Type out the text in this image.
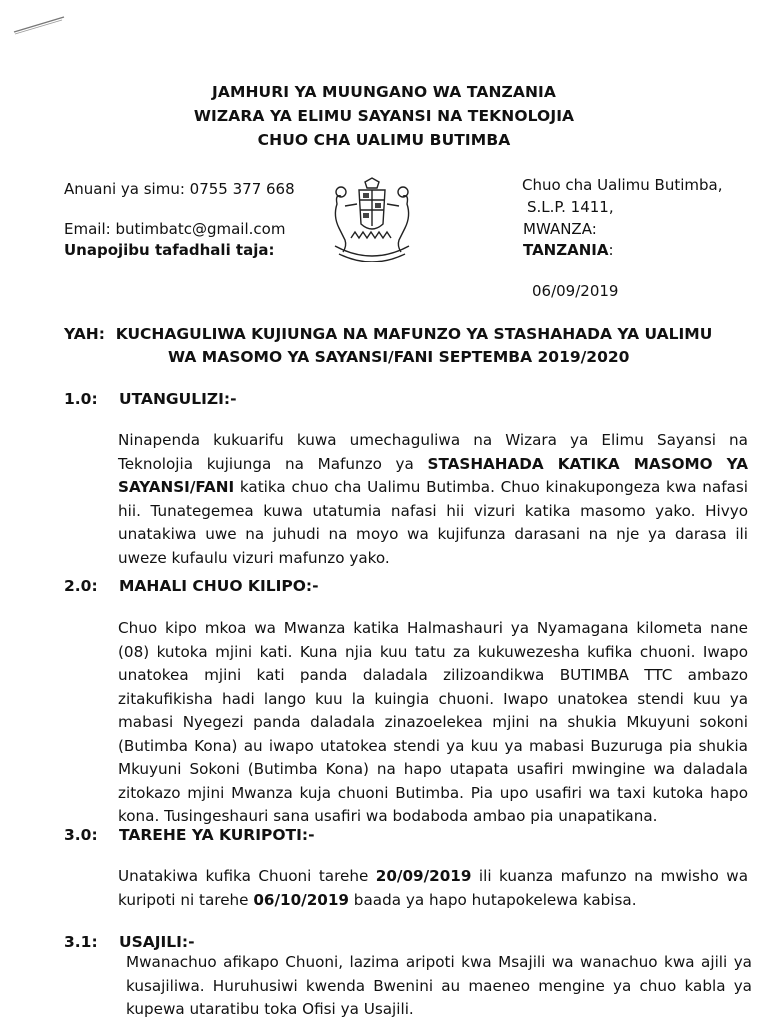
JAMHURI YA MUUNGANO WA TANZANIA
WIZARA YA ELIMU SAYANSI NA TEKNOLOJIA
CHUO CHA UALIMU BUTIMBA
Anuani ya simu: 0755 377 668
Email: butimbatc@gmail.com
Unapojibu tafadhali taja:
Chuo cha Ualimu Butimba,
S.L.P. 1411,
MWANZA:
TANZANIA:
06/09/2019
YAH: KUCHAGULIWA KUJIUNGA NA MAFUNZO YA STASHAHADA YA UALIMU
WA MASOMO YA SAYANSI/FANI SEPTEMBA 2019/2020
1.0: UTANGULIZI:-

Ninapenda kukuarifu kuwa umechaguliwa na Wizara ya Elimu Sayansi na Teknolojia kujiunga na Mafunzo ya STASHAHADA KATIKA MASOMO YA SAYANSI/FANI katika chuo cha Ualimu Butimba. Chuo kinakupongeza kwa nafasi hii. Tunategemea kuwa utatumia nafasi hii vizuri katika masomo yako. Hivyo unatakiwa uwe na juhudi na moyo wa kujifunza darasani na nje ya darasa ili uweze kufaulu vizuri mafunzo yako.

2.0: MAHALI CHUO KILIPO:-

Chuo kipo mkoa wa Mwanza katika Halmashauri ya Nyamagana kilometa nane (08) kutoka mjini kati. Kuna njia kuu tatu za kukuwezesha kufika chuoni. Iwapo unatokea mjini kati panda daladala zilizoandikwa BUTIMBA TTC ambazo zitakufikisha hadi lango kuu la kuingia chuoni. Iwapo unatokea stendi kuu ya mabasi Nyegezi panda daladala zinazoelekea mjini na shukia Mkuyuni sokoni (Butimba Kona) au iwapo utatokea stendi ya kuu ya mabasi Buzuruga pia shukia Mkuyuni Sokoni (Butimba Kona) na hapo utapata usafiri mwingine wa daladala zitokazo mjini Mwanza kuja chuoni Butimba. Pia upo usafiri wa taxi kutoka hapo kona. Tusingeshauri sana usafiri wa bodaboda ambao pia unapatikana.

3.0: TAREHE YA KURIPOTI:-

Unatakiwa kufika Chuoni tarehe 20/09/2019 ili kuanza mafunzo na mwisho wa kuripoti ni tarehe 06/10/2019 baada ya hapo hutapokelewa kabisa.

3.1: USAJILI:-

Mwanachuo afikapo Chuoni, lazima aripoti kwa Msajili wa wanachuo kwa ajili ya kusajiliwa. Huruhusiwi kwenda Bwenini au maeneo mengine ya chuo kabla ya kupewa utaratibu toka Ofisi ya Usajili.
